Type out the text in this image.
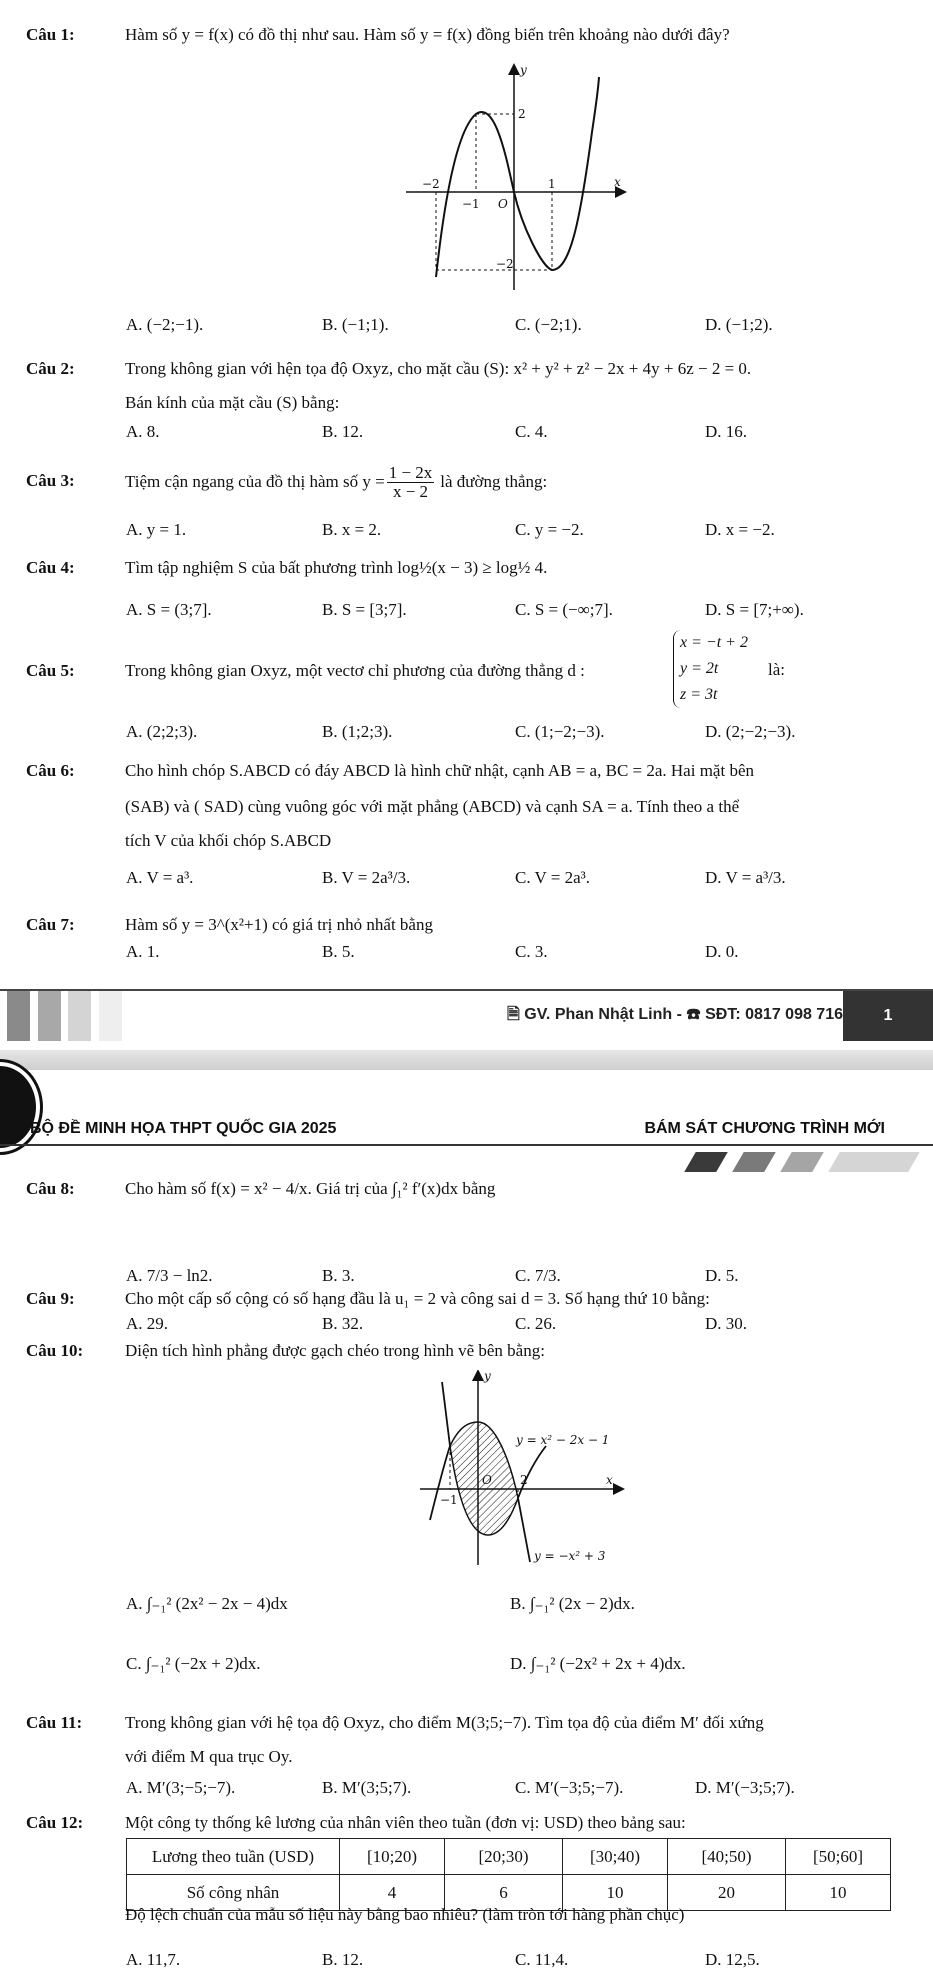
Câu 1:	Hàm số y = f(x) có đồ thị như sau. Hàm số y = f(x) đồng biến trên khoảng nào dưới đây?
y
x
2
−2
−1 O
1
−2
A. (−2;−1).	B. (−1;1).	C. (−2;1).	D. (−1;2).
Câu 2:	Trong không gian với hện tọa độ Oxyz, cho mặt cầu (S): x² + y² + z² − 2x + 4y + 6z − 2 = 0.
Bán kính của mặt cầu (S) bằng:
A. 8.	B. 12.	C. 4.	D. 16.
Câu 3:	Tiệm cận ngang của đồ thị hàm số $y = \frac{1 - 2x}{x - 2}$ là đường thẳng:
A. y = 1.	B. x = 2.	C. y = −2.	D. x = −2.
Câu 4:	Tìm tập nghiệm S của bất phương trình log½(x − 3) ≥ log½ 4.
A. S = (3;7].	B. S = [3;7].	C. S = (−∞;7].	D. S = [7;+∞).
Câu 5:	Trong không gian Oxyz, một vectơ chỉ phương của đường thẳng d :
x = −t + 2
y = 2t
z = 3t
là:
A. (2;2;3).	B. (1;2;3).	C. (1;−2;−3).	D. (2;−2;−3).
Câu 6:	Cho hình chóp S.ABCD có đáy ABCD là hình chữ nhật, cạnh AB = a, BC = 2a. Hai mặt bên
(SAB) và ( SAD) cùng vuông góc với mặt phẳng (ABCD) và cạnh SA = a. Tính theo a thể
tích V của khối chóp S.ABCD
A. V = a³.	B. V = 2a³/3.	C. V = 2a³.	D. V = a³/3.
Câu 7:	Hàm số y = 3^(x²+1) có giá trị nhỏ nhất bằng
A. 1.	B. 5.	C. 3.	D. 0.
🗎 GV. Phan Nhật Linh - ☎ SĐT: 0817 098 716	1
BỘ ĐỀ MINH HỌA THPT QUỐC GIA 2025	BÁM SÁT CHƯƠNG TRÌNH MỚI
Câu 8:	Cho hàm số f(x) = x² − 4/x. Giá trị của ∫₁² f′(x)dx bằng
A. 7/3 − ln2.	B. 3.	C. 7/3.	D. 5.
Câu 9:	Cho một cấp số cộng có số hạng đầu là u₁ = 2 và công sai d = 3. Số hạng thứ 10 bằng:
A. 29.	B. 32.	C. 26.	D. 30.
Câu 10: Diện tích hình phẳng được gạch chéo trong hình vẽ bên bằng:
y
x
O
y = x² − 2x − 1
y = −x² + 3
2
−1
A. ∫₋₁² (2x² − 2x − 4)dx	B. ∫₋₁² (2x − 2)dx.
C. ∫₋₁² (−2x + 2)dx.	D. ∫₋₁² (−2x² + 2x + 4)dx.
Câu 11:	Trong không gian với hệ tọa độ Oxyz, cho điểm M(3;5;−7). Tìm tọa độ của điểm M′ đối xứng
với điểm M qua trục Oy.
A. M′(3;−5;−7).	B. M′(3;5;7).	C. M′(−3;5;−7).	D. M′(−3;5;7).
Câu 12: Một công ty thống kê lương của nhân viên theo tuần (đơn vị: USD) theo bảng sau:
Lương theo tuần (USD)	[10;20)	[20;30)	[30;40)	[40;50)	[50;60]
Số công nhân	4	6	10	20	10
Độ lệch chuẩn của mẫu số liệu này bằng bao nhiêu? (làm tròn tới hàng phần chục)
A. 11,7.	B. 12.	C. 11,4.	D. 12,5.
